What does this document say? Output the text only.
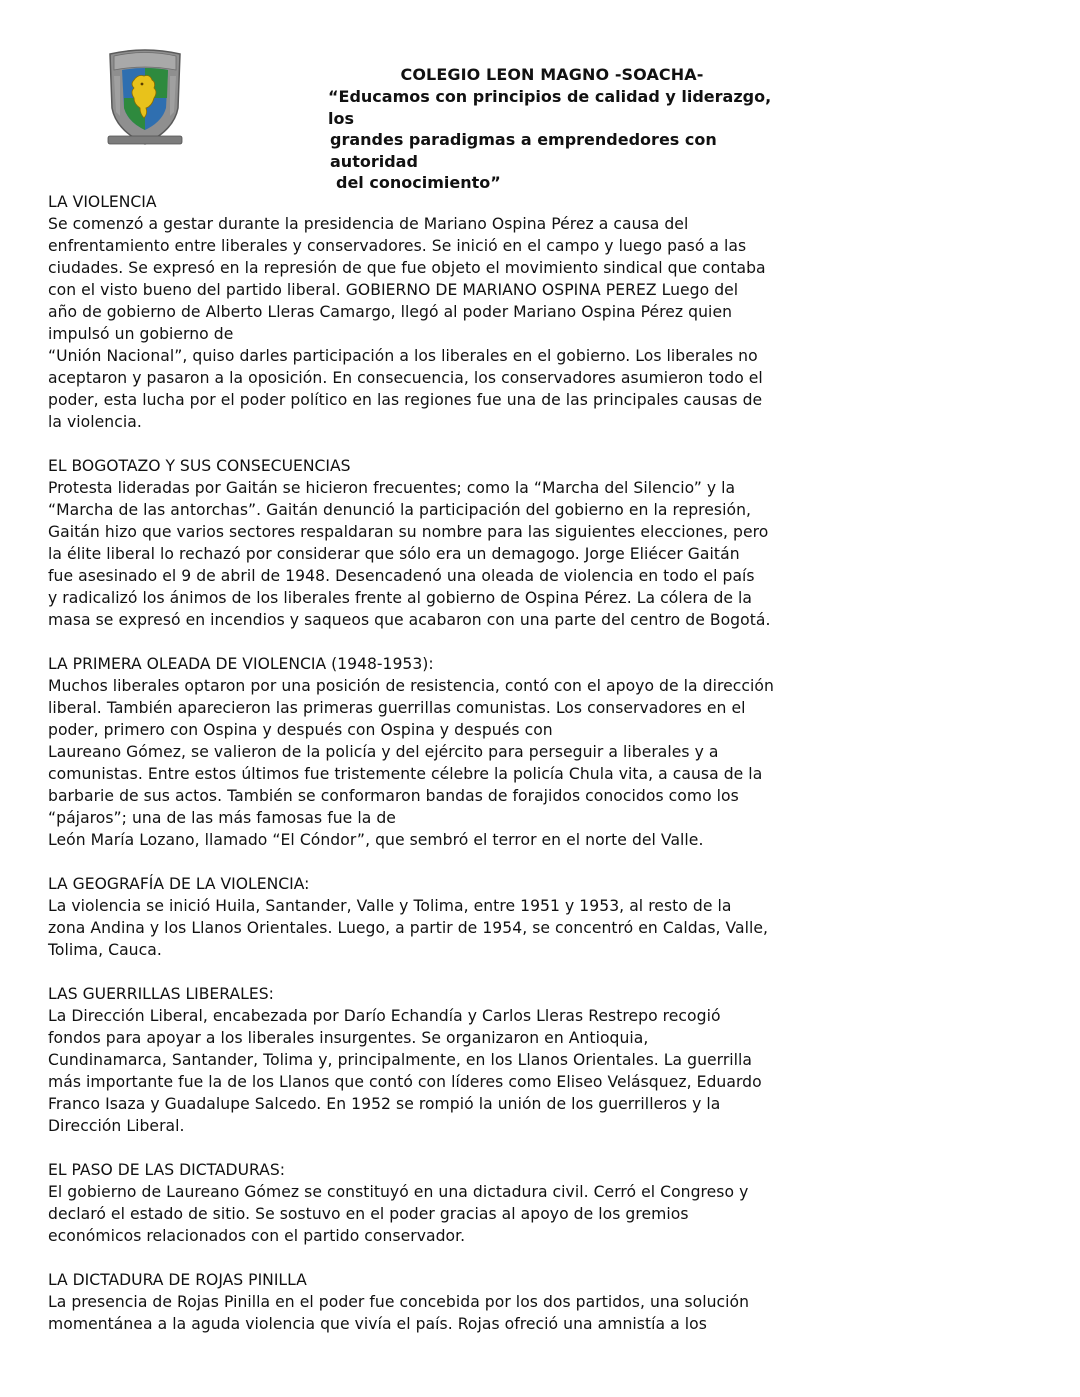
COLEGIO LEON MAGNO -SOACHA-
“Educamos con principios de calidad y liderazgo, los
grandes paradigmas a emprendedores con autoridad
del conocimiento”
LA VIOLENCIA
Se comenzó a gestar durante la presidencia de Mariano Ospina Pérez a causa del
enfrentamiento entre liberales y conservadores. Se inició en el campo y luego pasó a las
ciudades. Se expresó en la represión de que fue objeto el movimiento sindical que contaba
con el visto bueno del partido liberal. GOBIERNO DE MARIANO OSPINA PEREZ Luego del
año de gobierno de Alberto Lleras Camargo, llegó al poder Mariano Ospina Pérez quien
impulsó un gobierno de
“Unión Nacional”, quiso darles participación a los liberales en el gobierno. Los liberales no
aceptaron y pasaron a la oposición. En consecuencia, los conservadores asumieron todo el
poder, esta lucha por el poder político en las regiones fue una de las principales causas de
la violencia.
EL BOGOTAZO Y SUS CONSECUENCIAS
Protesta lideradas por Gaitán se hicieron frecuentes; como la “Marcha del Silencio” y la
“Marcha de las antorchas”. Gaitán denunció la participación del gobierno en la represión,
Gaitán hizo que varios sectores respaldaran su nombre para las siguientes elecciones, pero
la élite liberal lo rechazó por considerar que sólo era un demagogo. Jorge Eliécer Gaitán
fue asesinado el 9 de abril de 1948. Desencadenó una oleada de violencia en todo el país
y radicalizó los ánimos de los liberales frente al gobierno de Ospina Pérez. La cólera de la
masa se expresó en incendios y saqueos que acabaron con una parte del centro de Bogotá.
LA PRIMERA OLEADA DE VIOLENCIA (1948-1953):
Muchos liberales optaron por una posición de resistencia, contó con el apoyo de la dirección
liberal. También aparecieron las primeras guerrillas comunistas. Los conservadores en el
poder, primero con Ospina y después con Ospina y después con
Laureano Gómez, se valieron de la policía y del ejército para perseguir a liberales y a
comunistas. Entre estos últimos fue tristemente célebre la policía Chula vita, a causa de la
barbarie de sus actos. También se conformaron bandas de forajidos conocidos como los
“pájaros”; una de las más famosas fue la de
León María Lozano, llamado “El Cóndor”, que sembró el terror en el norte del Valle.
LA GEOGRAFÍA DE LA VIOLENCIA:
La violencia se inició Huila, Santander, Valle y Tolima, entre 1951 y 1953, al resto de la
zona Andina y los Llanos Orientales. Luego, a partir de 1954, se concentró en Caldas, Valle,
Tolima, Cauca.
LAS GUERRILLAS LIBERALES:
La Dirección Liberal, encabezada por Darío Echandía y Carlos Lleras Restrepo recogió
fondos para apoyar a los liberales insurgentes. Se organizaron en Antioquia,
Cundinamarca, Santander, Tolima y, principalmente, en los Llanos Orientales. La guerrilla
más importante fue la de los Llanos que contó con líderes como Eliseo Velásquez, Eduardo
Franco Isaza y Guadalupe Salcedo. En 1952 se rompió la unión de los guerrilleros y la
Dirección Liberal.
EL PASO DE LAS DICTADURAS:
El gobierno de Laureano Gómez se constituyó en una dictadura civil. Cerró el Congreso y
declaró el estado de sitio. Se sostuvo en el poder gracias al apoyo de los gremios
económicos relacionados con el partido conservador.
LA DICTADURA DE ROJAS PINILLA
La presencia de Rojas Pinilla en el poder fue concebida por los dos partidos, una solución
momentánea a la aguda violencia que vivía el país. Rojas ofreció una amnistía a los
